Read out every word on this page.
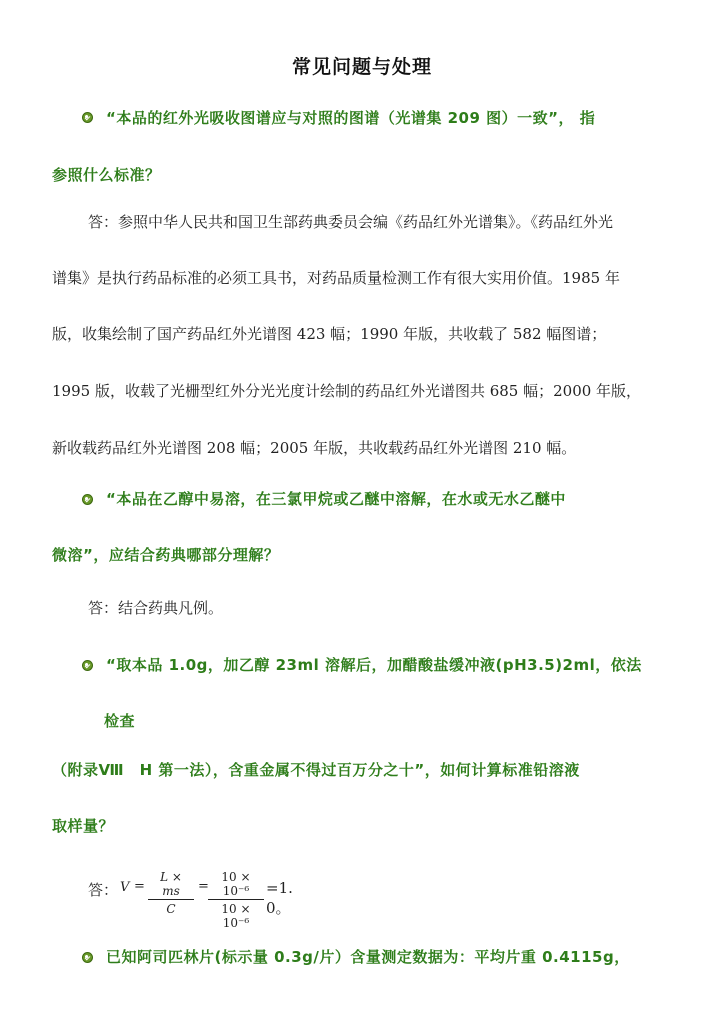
常见问题与处理
“本品的红外光吸收图谱应与对照的图谱（光谱集 209 图）一致”， 指
参照什么标准？
答：参照中华人民共和国卫生部药典委员会编《药品红外光谱集》。《药品红外光
谱集》是执行药品标准的必须工具书，对药品质量检测工作有很大实用价值。1985 年
版，收集绘制了国产药品红外光谱图 423 幅；1990 年版，共收载了 582 幅图谱；
1995 版，收载了光栅型红外分光光度计绘制的药品红外光谱图共 685 幅；2000 年版，
新收载药品红外光谱图 208 幅；2005 年版，共收载药品红外光谱图 210 幅。
“本品在乙醇中易溶，在三氯甲烷或乙醚中溶解，在水或无水乙醚中
微溶”，应结合药典哪部分理解？
答：结合药典凡例。
“取本品 1.0g，加乙醇 23ml 溶解后，加醋酸盐缓冲液(pH3.5)2ml，依法
检查
（附录Ⅷ　H 第一法），含重金属不得过百万分之十”，如何计算标准铅溶液
取样量？
已知阿司匹林片(标示量 0.3g/片）含量测定数据为：平均片重 0.4115g，
答： $V = \frac{L \times ms}{C} = \frac{\text{10 × 10⁻⁶}}{\text{10 × 10⁻⁶}} =1$. 0。
